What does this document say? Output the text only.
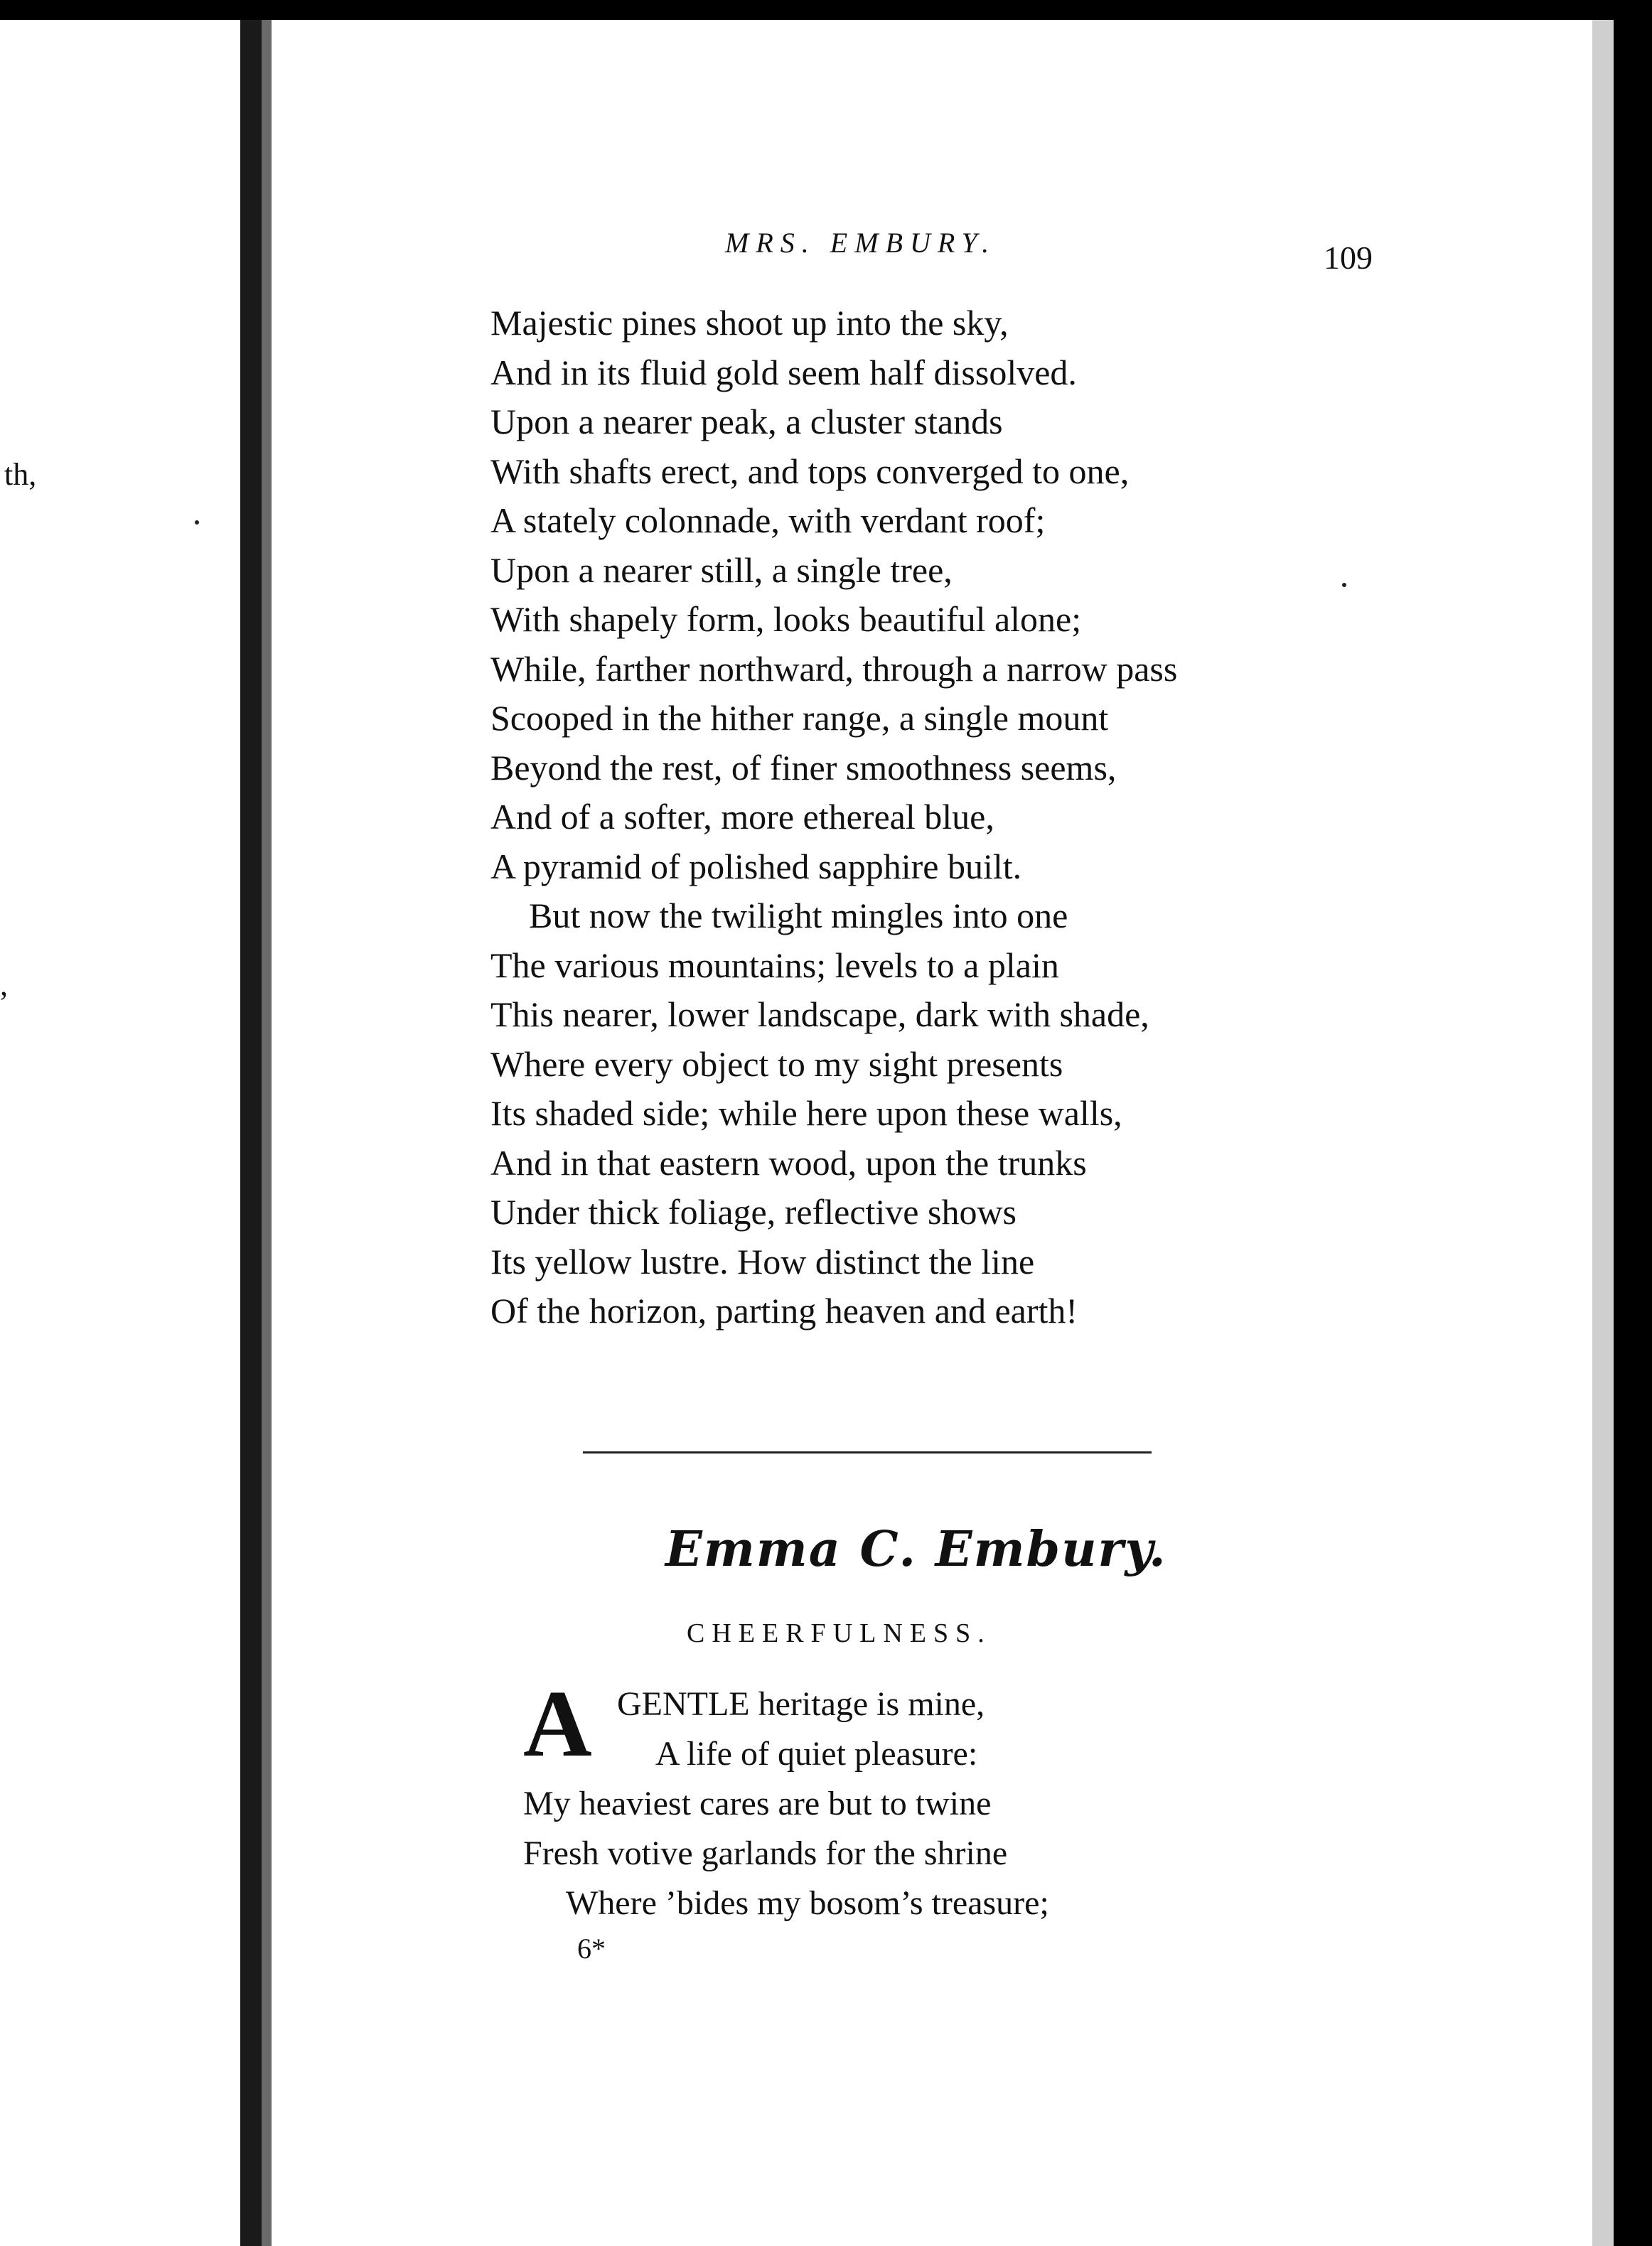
th,
,
MRS. EMBURY.	109
Majestic pines shoot up into the sky,
And in its fluid gold seem half dissolved.
Upon a nearer peak, a cluster stands
With shafts erect, and tops converged to one,
A stately colonnade, with verdant roof;
Upon a nearer still, a single tree,
With shapely form, looks beautiful alone;
While, farther northward, through a narrow pass
Scooped in the hither range, a single mount
Beyond the rest, of finer smoothness seems,
And of a softer, more ethereal blue,
A pyramid of polished sapphire built.
But now the twilight mingles into one
The various mountains; levels to a plain
This nearer, lower landscape, dark with shade,
Where every object to my sight presents
Its shaded side; while here upon these walls,
And in that eastern wood, upon the trunks
Under thick foliage, reflective shows
Its yellow lustre. How distinct the line
Of the horizon, parting heaven and earth!
Emma C. Embury.
CHEERFULNESS.
A GENTLE heritage is mine,
A life of quiet pleasure:
My heaviest cares are but to twine
Fresh votive garlands for the shrine
Where ’bides my bosom’s treasure;
6*
